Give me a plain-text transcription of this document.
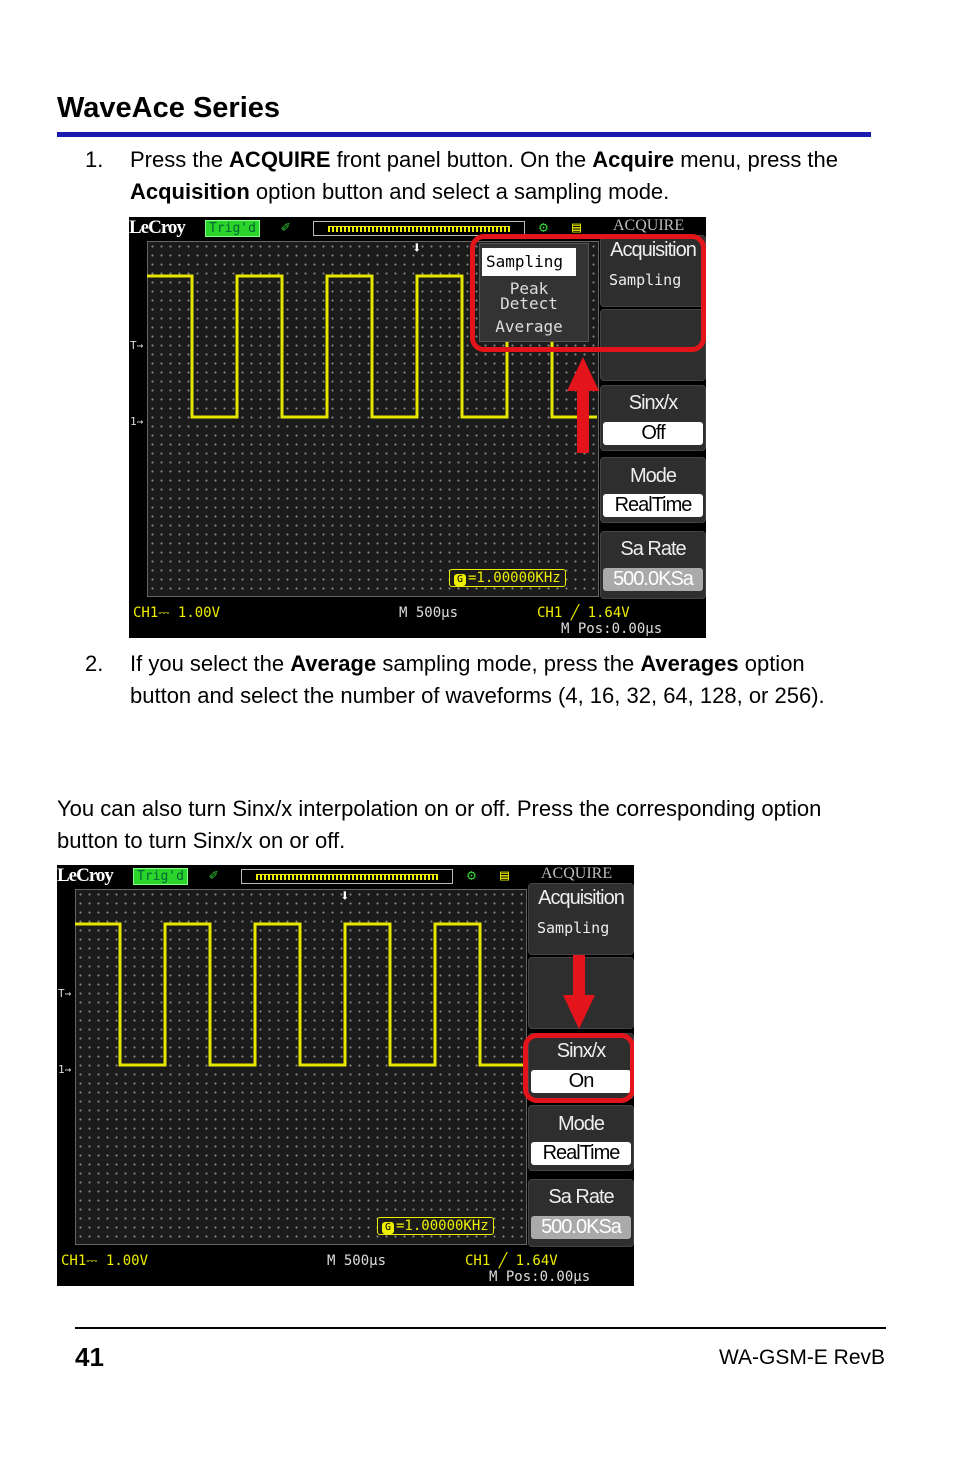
WaveAce Series
1.	Press the ACQUIRE front panel button. On the Acquire menu, press the Acquisition option button and select a sampling mode.
LeCroy	Trig'd ✐	⚙	▤	ACQUIRE
⬇
T→
1→
Sampling
Peak
Detect
Average
Acquisition
Sampling
Sinx/x
Off
Mode
RealTime
Sa Rate
500.0KSa
G =1.00000KHz
CH1⎓ 1.00V	M 500µs	CH1 ╱ 1.64V
M Pos:0.00µs
2.	If you select the Average sampling mode, press the Averages option button and select the number of waveforms (4, 16, 32, 64, 128, or 256).
You can also turn Sinx/x interpolation on or off. Press the corresponding option button to turn Sinx/x on or off.
LeCroy	Trig'd ✐	⚙	▤	ACQUIRE
⬇
T→
1→
Acquisition
Sampling
Sinx/x
On
Mode
RealTime
Sa Rate
500.0KSa
G =1.00000KHz
CH1⎓ 1.00V	M 500µs	CH1 ╱ 1.64V
M Pos:0.00µs
41	WA-GSM-E RevB
